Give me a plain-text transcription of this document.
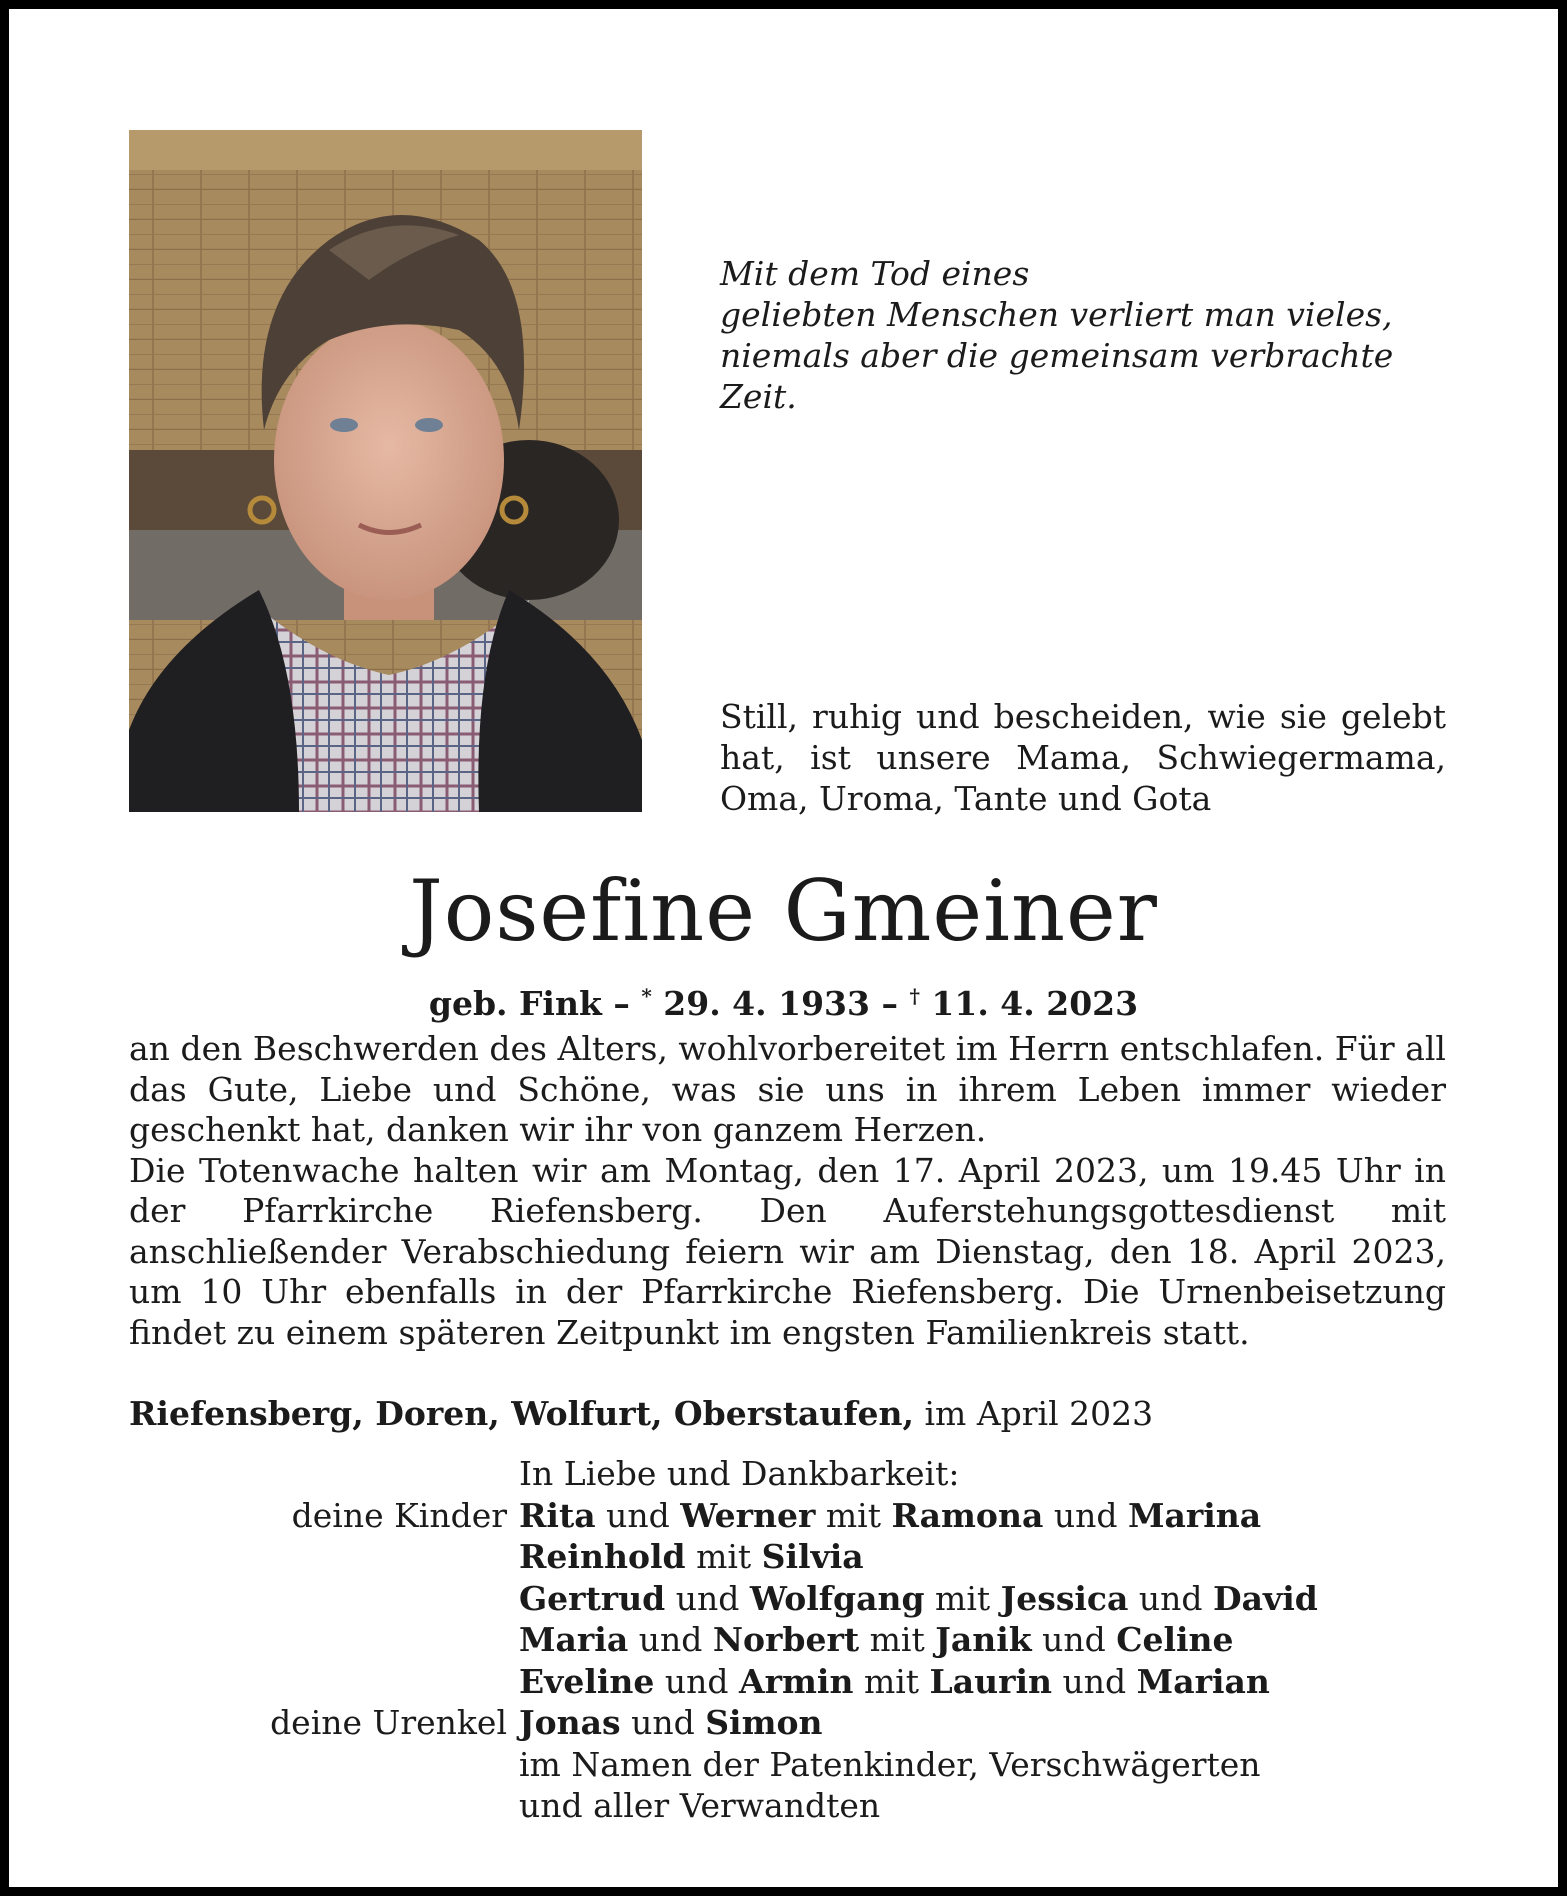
Mit dem Tod eines
geliebten Menschen verliert man vieles,
niemals aber die gemeinsam verbrachte Zeit.
Still, ruhig und bescheiden, wie sie gelebt hat, ist unsere Mama, Schwiegermama, Oma, Uroma, Tante und Gota
Josefine Gmeiner
geb. Fink – * 29. 4. 1933 – † 11. 4. 2023

an den Beschwerden des Alters, wohlvorbereitet im Herrn entschlafen. Für all das Gute, Liebe und Schöne, was sie uns in ihrem Leben immer wieder geschenkt hat, danken wir ihr von ganzem Herzen.

Die Totenwache halten wir am Montag, den 17. April 2023, um 19.45 Uhr in der Pfarrkirche Riefensberg. Den Auferstehungsgottesdienst mit anschließender Verabschiedung feiern wir am Dienstag, den 18. April 2023, um 10 Uhr ebenfalls in der Pfarrkirche Riefensberg. Die Urnenbeisetzung findet zu einem späteren Zeitpunkt im engsten Familienkreis statt.

Riefensberg, Doren, Wolfurt, Oberstaufen, im April 2023
In Liebe und Dankbarkeit:
deine Kinder Rita und Werner mit Ramona und Marina
Reinhold mit Silvia
Gertrud und Wolfgang mit Jessica und David
Maria und Norbert mit Janik und Celine
Eveline und Armin mit Laurin und Marian
deine Urenkel Jonas und Simon
im Namen der Patenkinder, Verschwägerten
und aller Verwandten
